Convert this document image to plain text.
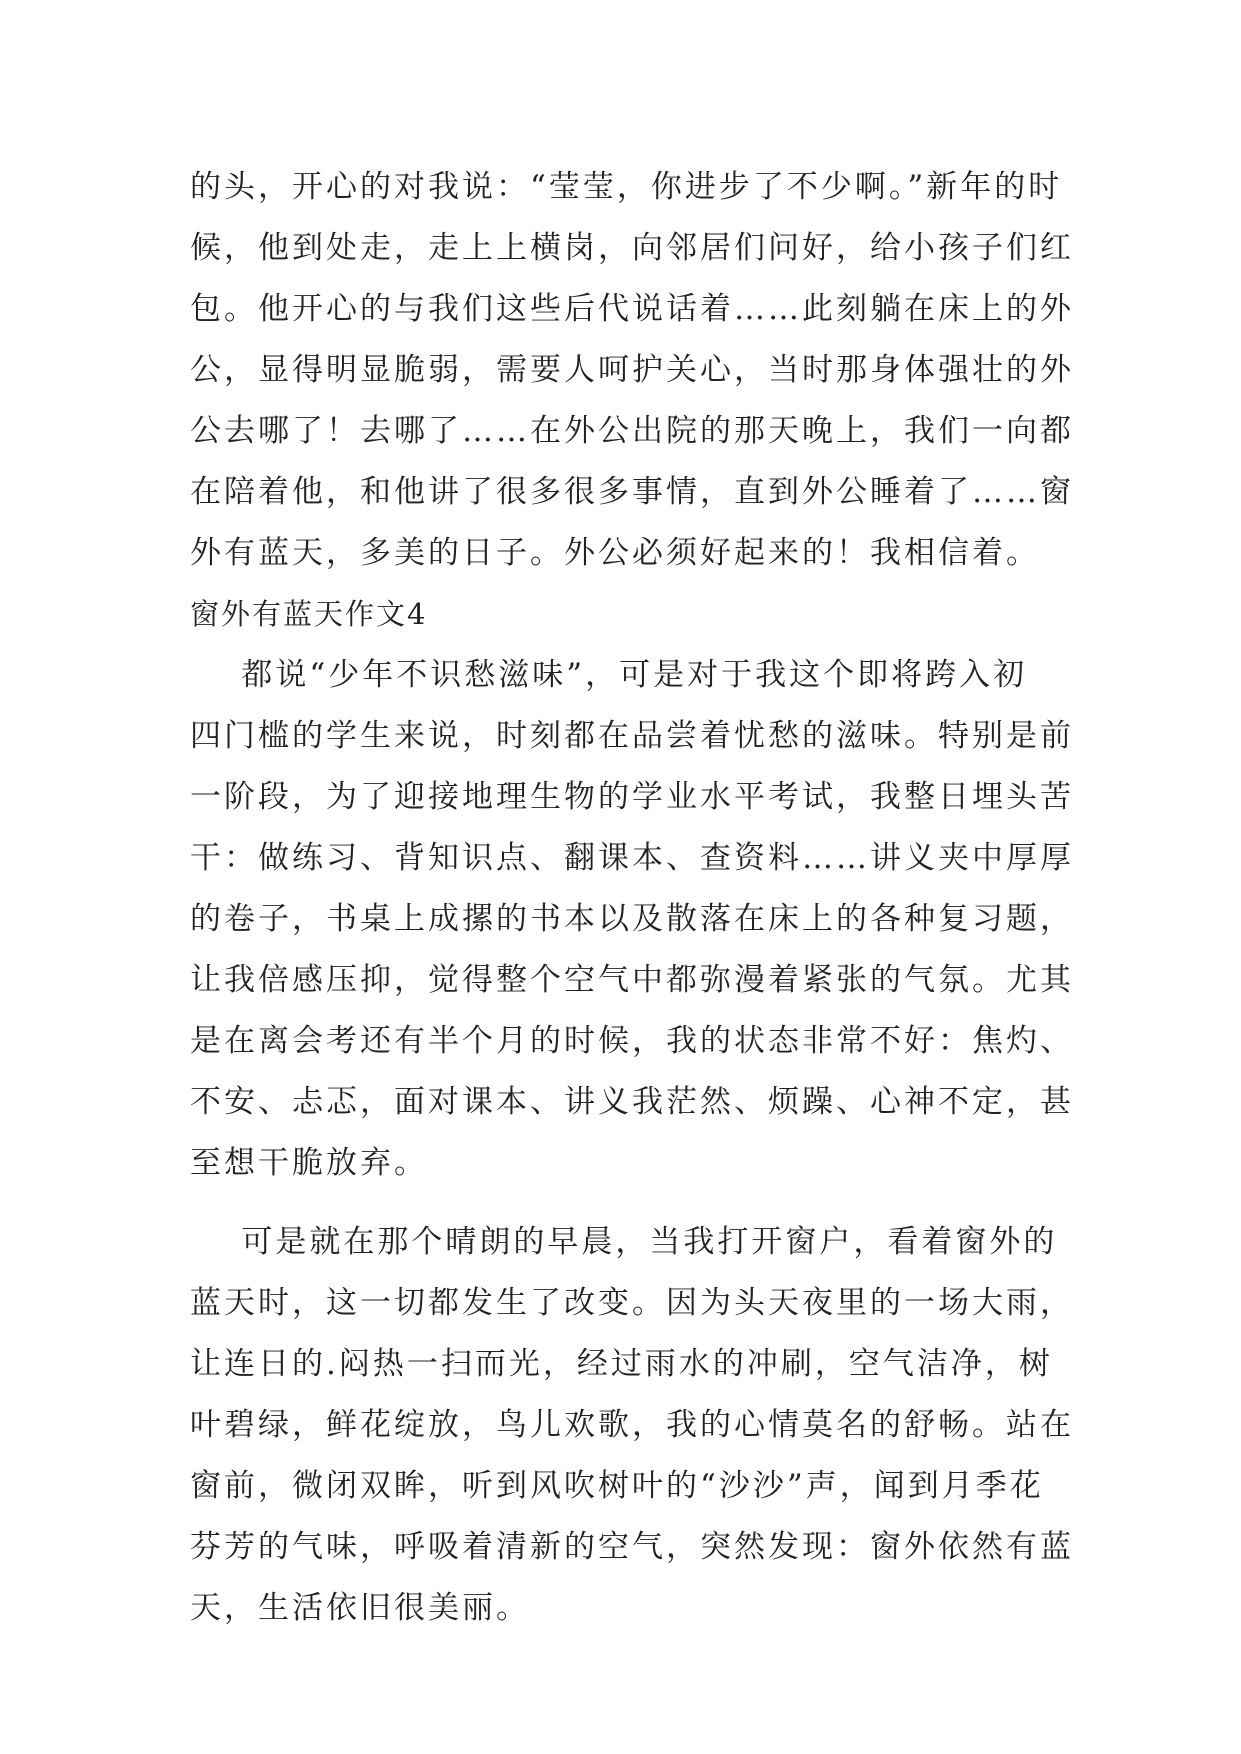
的头，开心的对我说：“莹莹，你进步了不少啊。”新年的时
候，他到处走，走上上横岗，向邻居们问好，给小孩子们红
包。他开心的与我们这些后代说话着……此刻躺在床上的外
公，显得明显脆弱，需要人呵护关心，当时那身体强壮的外
公去哪了！去哪了……在外公出院的那天晚上，我们一向都
在陪着他，和他讲了很多很多事情，直到外公睡着了……窗
外有蓝天，多美的日子。外公必须好起来的！我相信着。
窗外有蓝天作文4
都说“少年不识愁滋味”，可是对于我这个即将跨入初
四门槛的学生来说，时刻都在品尝着忧愁的滋味。特别是前
一阶段，为了迎接地理生物的学业水平考试，我整日埋头苦
干：做练习、背知识点、翻课本、查资料……讲义夹中厚厚
的卷子，书桌上成摞的书本以及散落在床上的各种复习题，
让我倍感压抑，觉得整个空气中都弥漫着紧张的气氛。尤其
是在离会考还有半个月的时候，我的状态非常不好：焦灼、
不安、忐忑，面对课本、讲义我茫然、烦躁、心神不定，甚
至想干脆放弃。
可是就在那个晴朗的早晨，当我打开窗户，看着窗外的
蓝天时，这一切都发生了改变。因为头天夜里的一场大雨，
让连日的.闷热一扫而光，经过雨水的冲刷，空气洁净，树
叶碧绿，鲜花绽放，鸟儿欢歌，我的心情莫名的舒畅。站在
窗前，微闭双眸，听到风吹树叶的“沙沙”声，闻到月季花
芬芳的气味，呼吸着清新的空气，突然发现：窗外依然有蓝
天，生活依旧很美丽。
